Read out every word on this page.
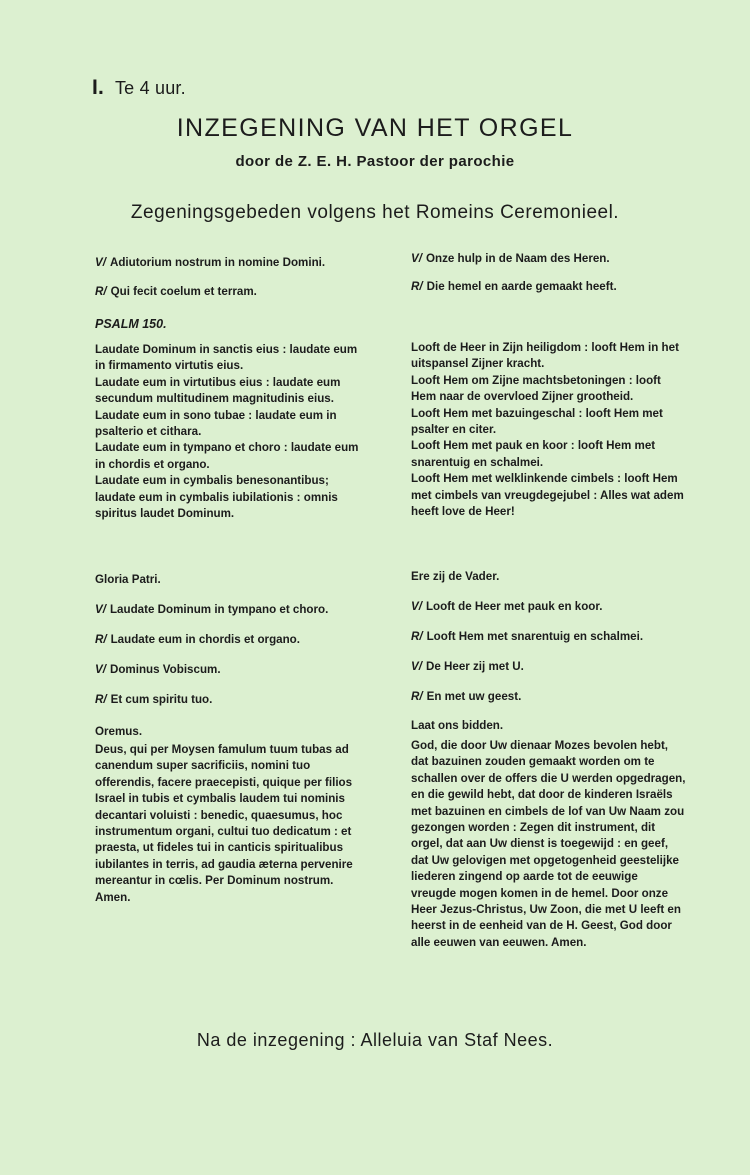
I. Te 4 uur.
INZEGENING VAN HET ORGEL
door de Z. E. H. Pastoor der parochie
Zegeningsgebeden volgens het Romeins Ceremonieel.
V/ Adiutorium nostrum in nomine Domini.
R/ Qui fecit coelum et terram.
PSALM 150.
Laudate Dominum in sanctis eius : laudate eum in firmamento virtutis eius.
Laudate eum in virtutibus eius : laudate eum secundum multitudinem magnitudinis eius.
Laudate eum in sono tubae : laudate eum in psalterio et cithara.
Laudate eum in tympano et choro : laudate eum in chordis et organo.
Laudate eum in cymbalis benesonantibus; laudate eum in cymbalis iubilationis : omnis spiritus laudet Dominum.
Gloria Patri.
V/ Laudate Dominum in tympano et choro.
R/ Laudate eum in chordis et organo.
V/ Dominus Vobiscum.
R/ Et cum spiritu tuo.
Oremus.
Deus, qui per Moysen famulum tuum tubas ad canendum super sacrificiis, nomini tuo offerendis, facere praecepisti, quique per filios Israel in tubis et cymbalis laudem tui nominis decantari voluisti : benedic, quaesumus, hoc instrumentum organi, cultui tuo dedicatum : et praesta, ut fideles tui in canticis spiritualibus iubilantes in terris, ad gaudia æterna pervenire mereantur in cœlis. Per Dominum nostrum. Amen.
V/ Onze hulp in de Naam des Heren.
R/ Die hemel en aarde gemaakt heeft.
Looft de Heer in Zijn heiligdom : looft Hem in het uitspansel Zijner kracht.
Looft Hem om Zijne machtsbetoningen : looft Hem naar de overvloed Zijner grootheid.
Looft Hem met bazuingeschal : looft Hem met psalter en citer.
Looft Hem met pauk en koor : looft Hem met snarentuig en schalmei.
Looft Hem met welklinkende cimbels : looft Hem met cimbels van vreugdegejubel : Alles wat adem heeft love de Heer!
Ere zij de Vader.
V/ Looft de Heer met pauk en koor.
R/ Looft Hem met snarentuig en schalmei.
V/ De Heer zij met U.
R/ En met uw geest.
Laat ons bidden.
God, die door Uw dienaar Mozes bevolen hebt, dat bazuinen zouden gemaakt worden om te schallen over de offers die U werden opgedragen, en die gewild hebt, dat door de kinderen Israëls met bazuinen en cimbels de lof van Uw Naam zou gezongen worden : Zegen dit instrument, dit orgel, dat aan Uw dienst is toegewijd : en geef, dat Uw gelovigen met opgetogenheid geestelijke liederen zingend op aarde tot de eeuwige vreugde mogen komen in de hemel. Door onze Heer Jezus-Christus, Uw Zoon, die met U leeft en heerst in de eenheid van de H. Geest, God door alle eeuwen van eeuwen. Amen.
Na de inzegening : Alleluia van Staf Nees.
